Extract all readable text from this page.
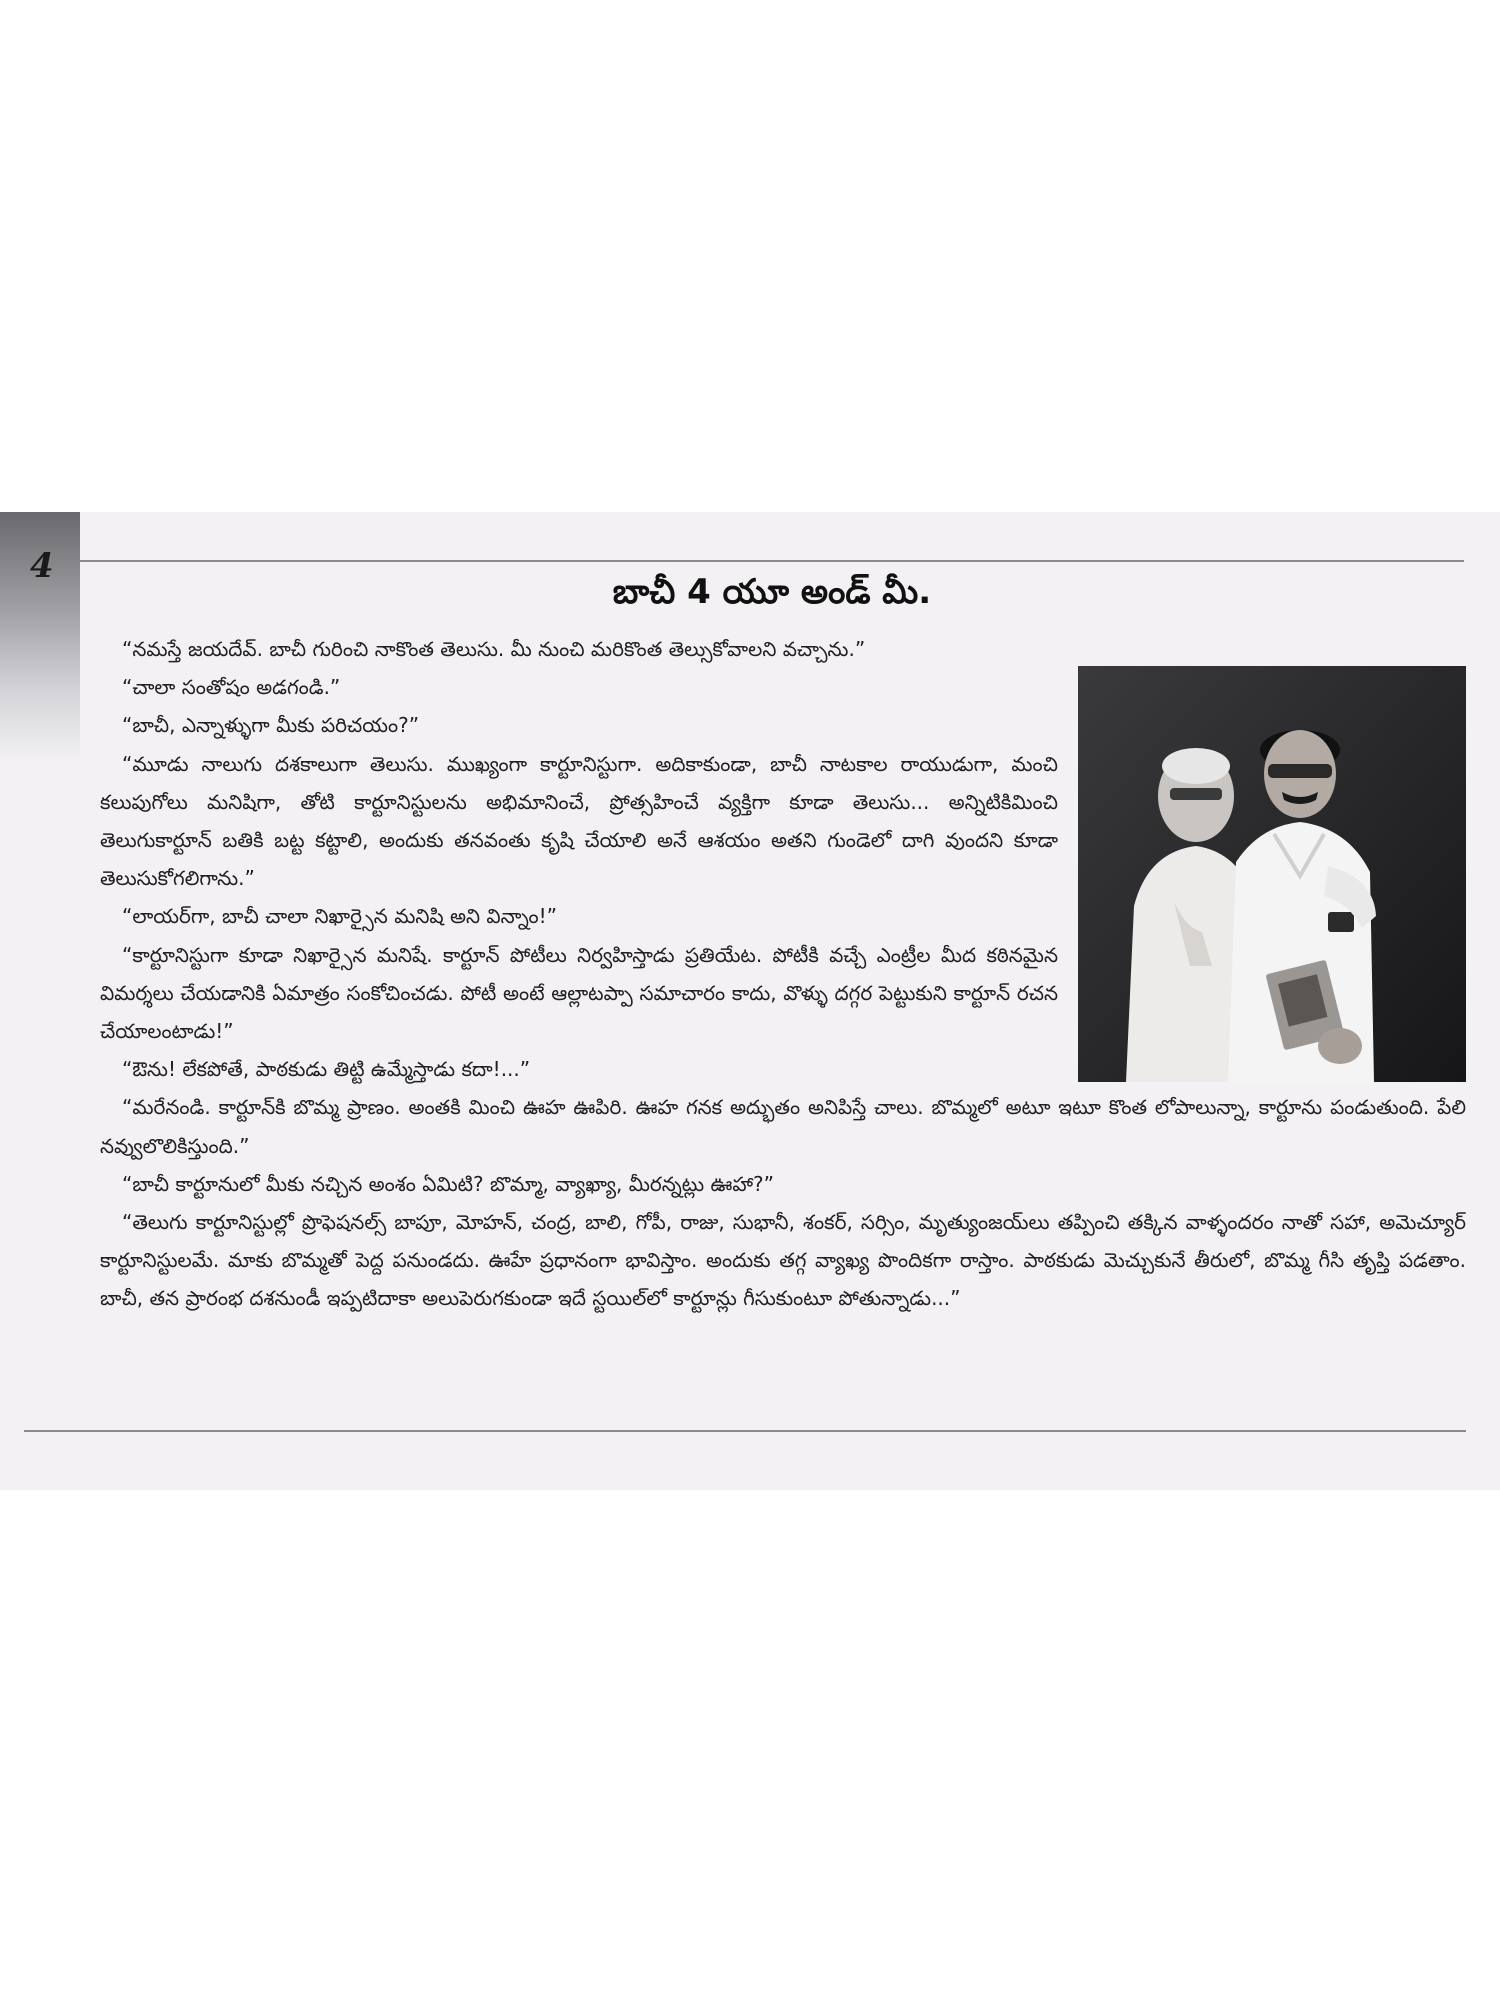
4
బాచీ 4 యూ అండ్ మీ.

“నమస్తే జయదేవ్. బాచీ గురించి నాకొంత తెలుసు. మీ నుంచి మరికొంత తెల్సుకోవాలని వచ్చాను.”

“చాలా సంతోషం అడగండి.”

“బాచీ, ఎన్నాళ్ళుగా మీకు పరిచయం?”

“మూడు నాలుగు దశకాలుగా తెలుసు. ముఖ్యంగా కార్టూనిస్టుగా. అదికాకుండా, బాచీ నాటకాల రాయుడుగా, మంచి కలుపుగోలు మనిషిగా, తోటి కార్టూనిస్టులను అభిమానించే, ప్రోత్సహించే వ్యక్తిగా కూడా తెలుసు... అన్నిటికిమించి తెలుగుకార్టూన్ బతికి బట్ట కట్టాలి, అందుకు తనవంతు కృషి చేయాలి అనే ఆశయం అతని గుండెలో దాగి వుందని కూడా తెలుసుకోగలిగాను.”

“లాయర్‌గా, బాచీ చాలా నిఖార్సైన మనిషి అని విన్నాం!”

“కార్టూనిస్టుగా కూడా నిఖార్సైన మనిషే. కార్టూన్ పోటీలు నిర్వహిస్తాడు ప్రతియేట. పోటీకి వచ్చే ఎంట్రీల మీద కఠినమైన విమర్శలు చేయడానికి ఏమాత్రం సంకోచించడు. పోటీ అంటే ఆల్లాటప్పా సమాచారం కాదు, వొళ్ళు దగ్గర పెట్టుకుని కార్టూన్ రచన చేయాలంటాడు!”

“ఔను! లేకపోతే, పాఠకుడు తిట్టి ఉమ్మేస్తాడు కదా!...”

“మరేనండి. కార్టూన్‌కి బొమ్మ ప్రాణం. అంతకి మించి ఊహ ఊపిరి. ఊహ గనక అద్భుతం అనిపిస్తే చాలు. బొమ్మలో అటూ ఇటూ కొంత లోపాలున్నా, కార్టూను పండుతుంది. పేలి నవ్వులొలికిస్తుంది.”

“బాచీ కార్టూనులో మీకు నచ్చిన అంశం ఏమిటి? బొమ్మా, వ్యాఖ్యా, మీరన్నట్లు ఊహా?”

“తెలుగు కార్టూనిస్టుల్లో ప్రొఫెషనల్స్ బాపూ, మోహన్, చంద్ర, బాలి, గోపీ, రాజు, సుభానీ, శంకర్, సర్సిం, మృత్యుంజయ్‌లు తప్పించి తక్కిన వాళ్ళందరం నాతో సహా, అమెచ్యూర్ కార్టూనిస్టులమే. మాకు బొమ్మతో పెద్ద పనుండదు. ఊహే ప్రధానంగా భావిస్తాం. అందుకు తగ్గ వ్యాఖ్య పొందికగా రాస్తాం. పాఠకుడు మెచ్చుకునే తీరులో, బొమ్మ గీసి తృప్తి పడతాం. బాచీ, తన ప్రారంభ దశనుండీ ఇప్పటిదాకా అలుపెరుగకుండా ఇదే స్టయిల్‌లో కార్టూన్లు గీసుకుంటూ పోతున్నాడు...”
